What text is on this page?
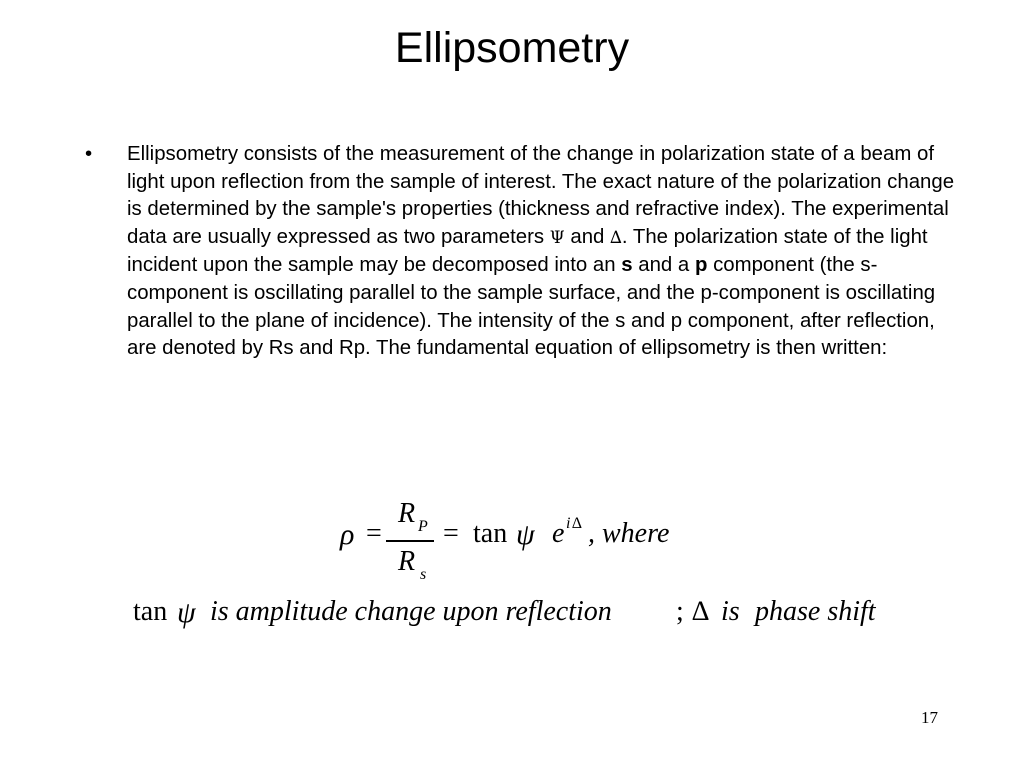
Ellipsometry
•	Ellipsometry consists of the measurement of the change in polarization state of a beam of light upon reflection from the sample of interest. The exact nature of the polarization change is determined by the sample's properties (thickness and refractive index). The experimental data are usually expressed as two parameters Ψ and ∆. The polarization state of the light incident upon the sample may be decomposed into an s and a p component (the s-component is oscillating parallel to the sample surface, and the p-component is oscillating parallel to the plane of incidence). The intensity of the s and p component, after reflection, are denoted by Rs and Rp. The fundamental equation of ellipsometry is then written:
ρ =
R P
R s
= tan ψ e i ∆ , where
tan ψ is amplitude change upon reflection ; ∆ is phase shift
17
